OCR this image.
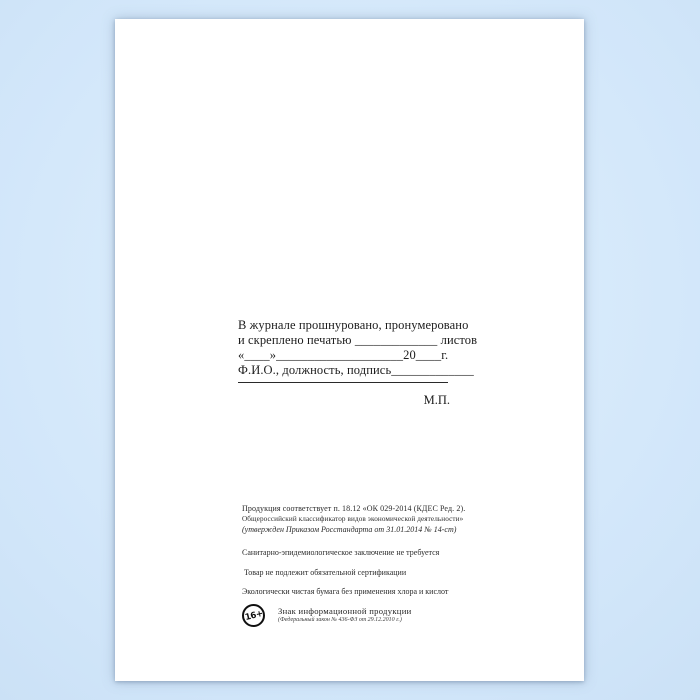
В журнале прошнуровано, пронумеровано
и скреплено печатью _____________ листов
«____»____________________20____г.
Ф.И.О., должность, подпись_____________
М.П.
Продукция соответствует п. 18.12 «ОК 029-2014 (КДЕС Ред. 2).
Общероссийский классификатор видов экономической деятельности»
(утвержден Приказом Росстандарта от 31.01.2014 № 14-ст)
Санитарно-эпидемиологическое заключение не требуется
Товар не подлежит обязательной сертификации
Экологически чистая бумага без применения хлора и кислот
16+ Знак информационной продукции
(Федеральный закон № 436-ФЗ от 29.12.2010 г.)
